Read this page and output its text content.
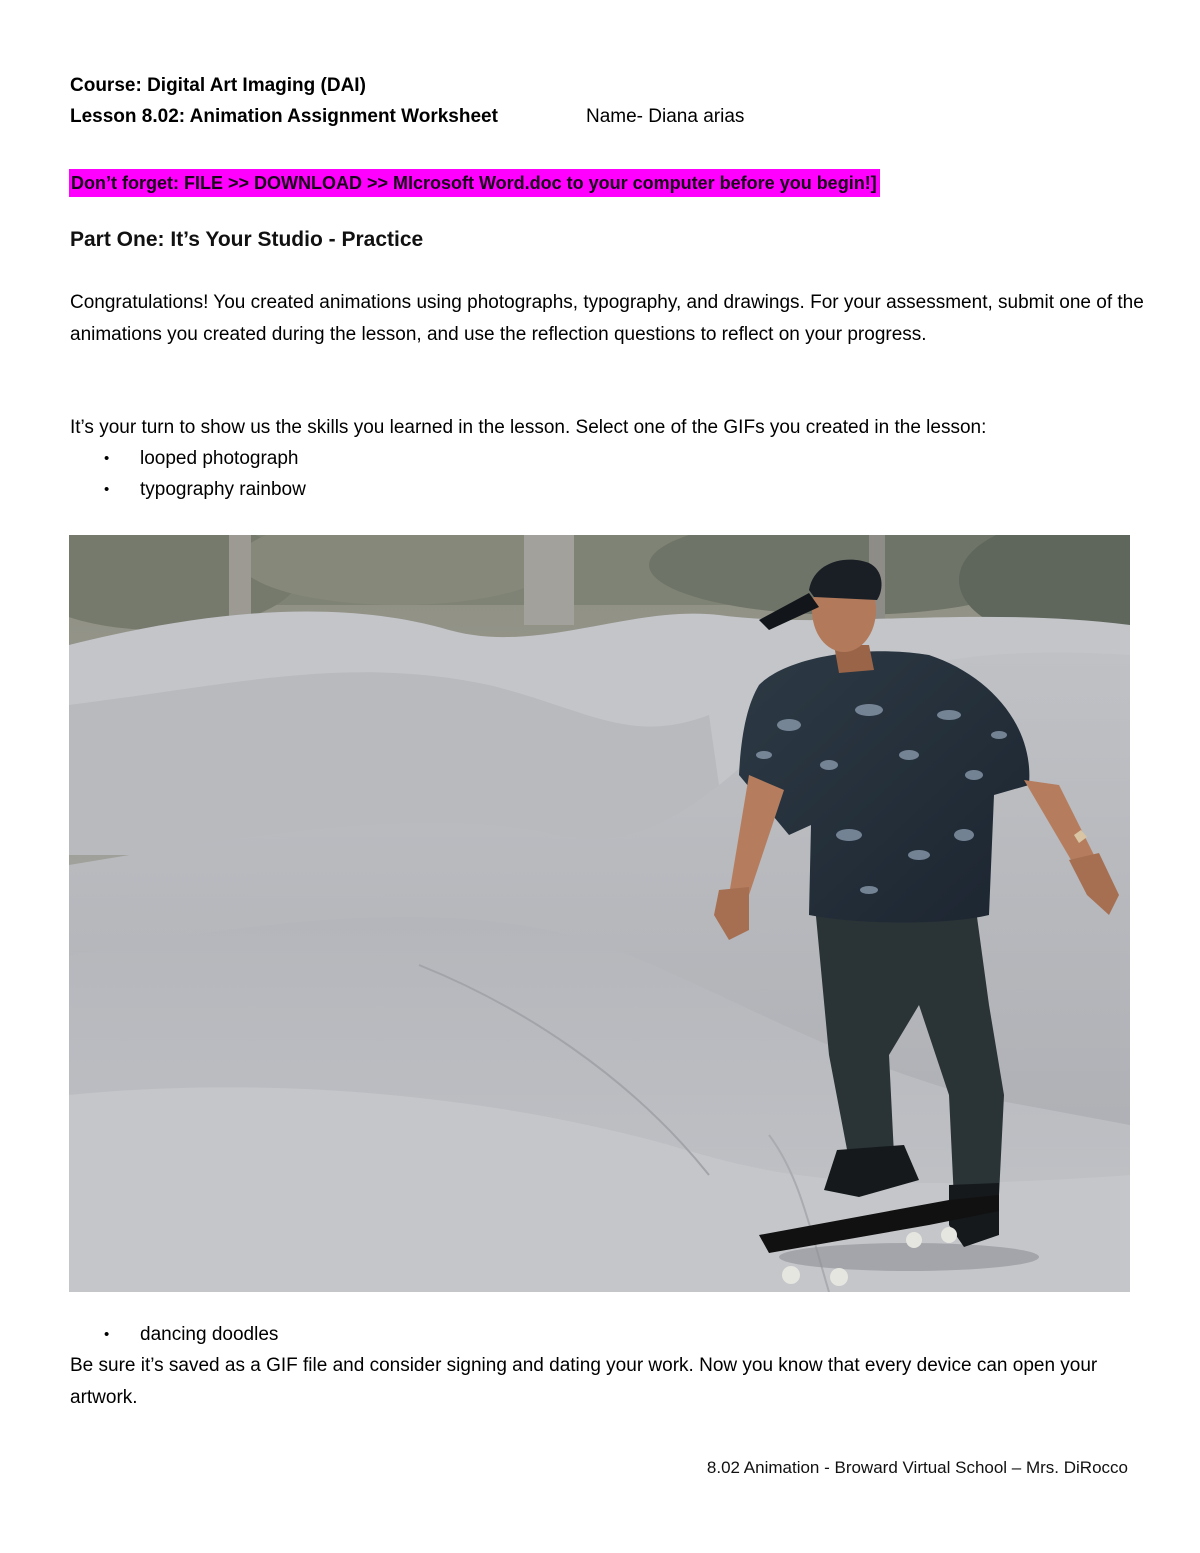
Course: Digital Art Imaging (DAI)
Lesson 8.02: Animation Assignment Worksheet	Name- Diana arias
Don’t forget: FILE >> DOWNLOAD >> MIcrosoft Word.doc to your computer before you begin!]
Part One: It’s Your Studio - Practice
Congratulations! You created animations using photographs, typography, and drawings. For your assessment, submit one of the animations you created during the lesson, and use the reflection questions to reflect on your progress.
It’s your turn to show us the skills you learned in the lesson. Select one of the GIFs you created in the lesson:
• looped photograph
• typography rainbow
• dancing doodles
Be sure it’s saved as a GIF file and consider signing and dating your work. Now you know that every device can open your artwork.
8.02 Animation - Broward Virtual School – Mrs. DiRocco
